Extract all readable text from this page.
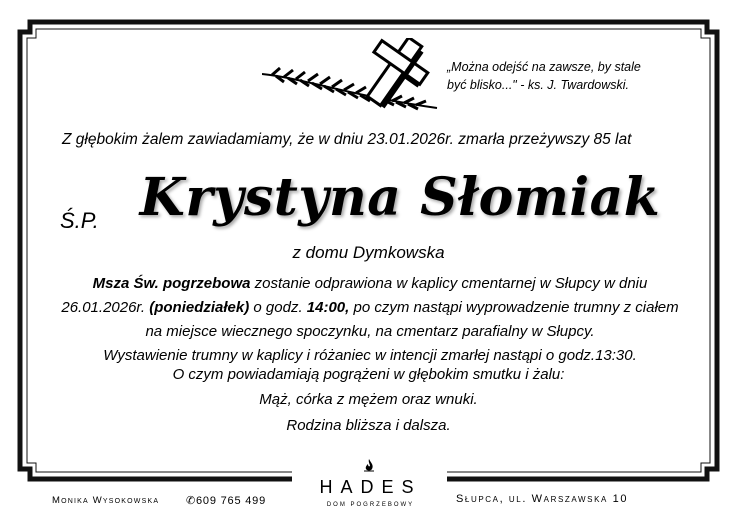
„Można odejść na zawsze, by stale
być blisko..." - ks. J. Twardowski.
Z głębokim żalem zawiadamiamy, że w dniu 23.01.2026r. zmarła przeżywszy 85 lat
Ś.P. Krystyna Słomiak
z domu Dymkowska
Msza Św. pogrzebowa zostanie odprawiona w kaplicy cmentarnej w Słupcy w dniu 26.01.2026r. (poniedziałek) o godz. 14:00, po czym nastąpi wyprowadzenie trumny z ciałem na miejsce wiecznego spoczynku, na cmentarz parafialny w Słupcy.
Wystawienie trumny w kaplicy i różaniec w intencji zmarłej nastąpi o godz.13:30.
O czym powiadamiają pogrążeni w głębokim smutku i żalu:
Mąż, córka z mężem oraz wnuki.
Rodzina bliższa i dalsza.
Monika Wysokowska ✆609 765 499
HADES
DOM POGRZEBOWY	Słupca, ul. Warszawska 10
